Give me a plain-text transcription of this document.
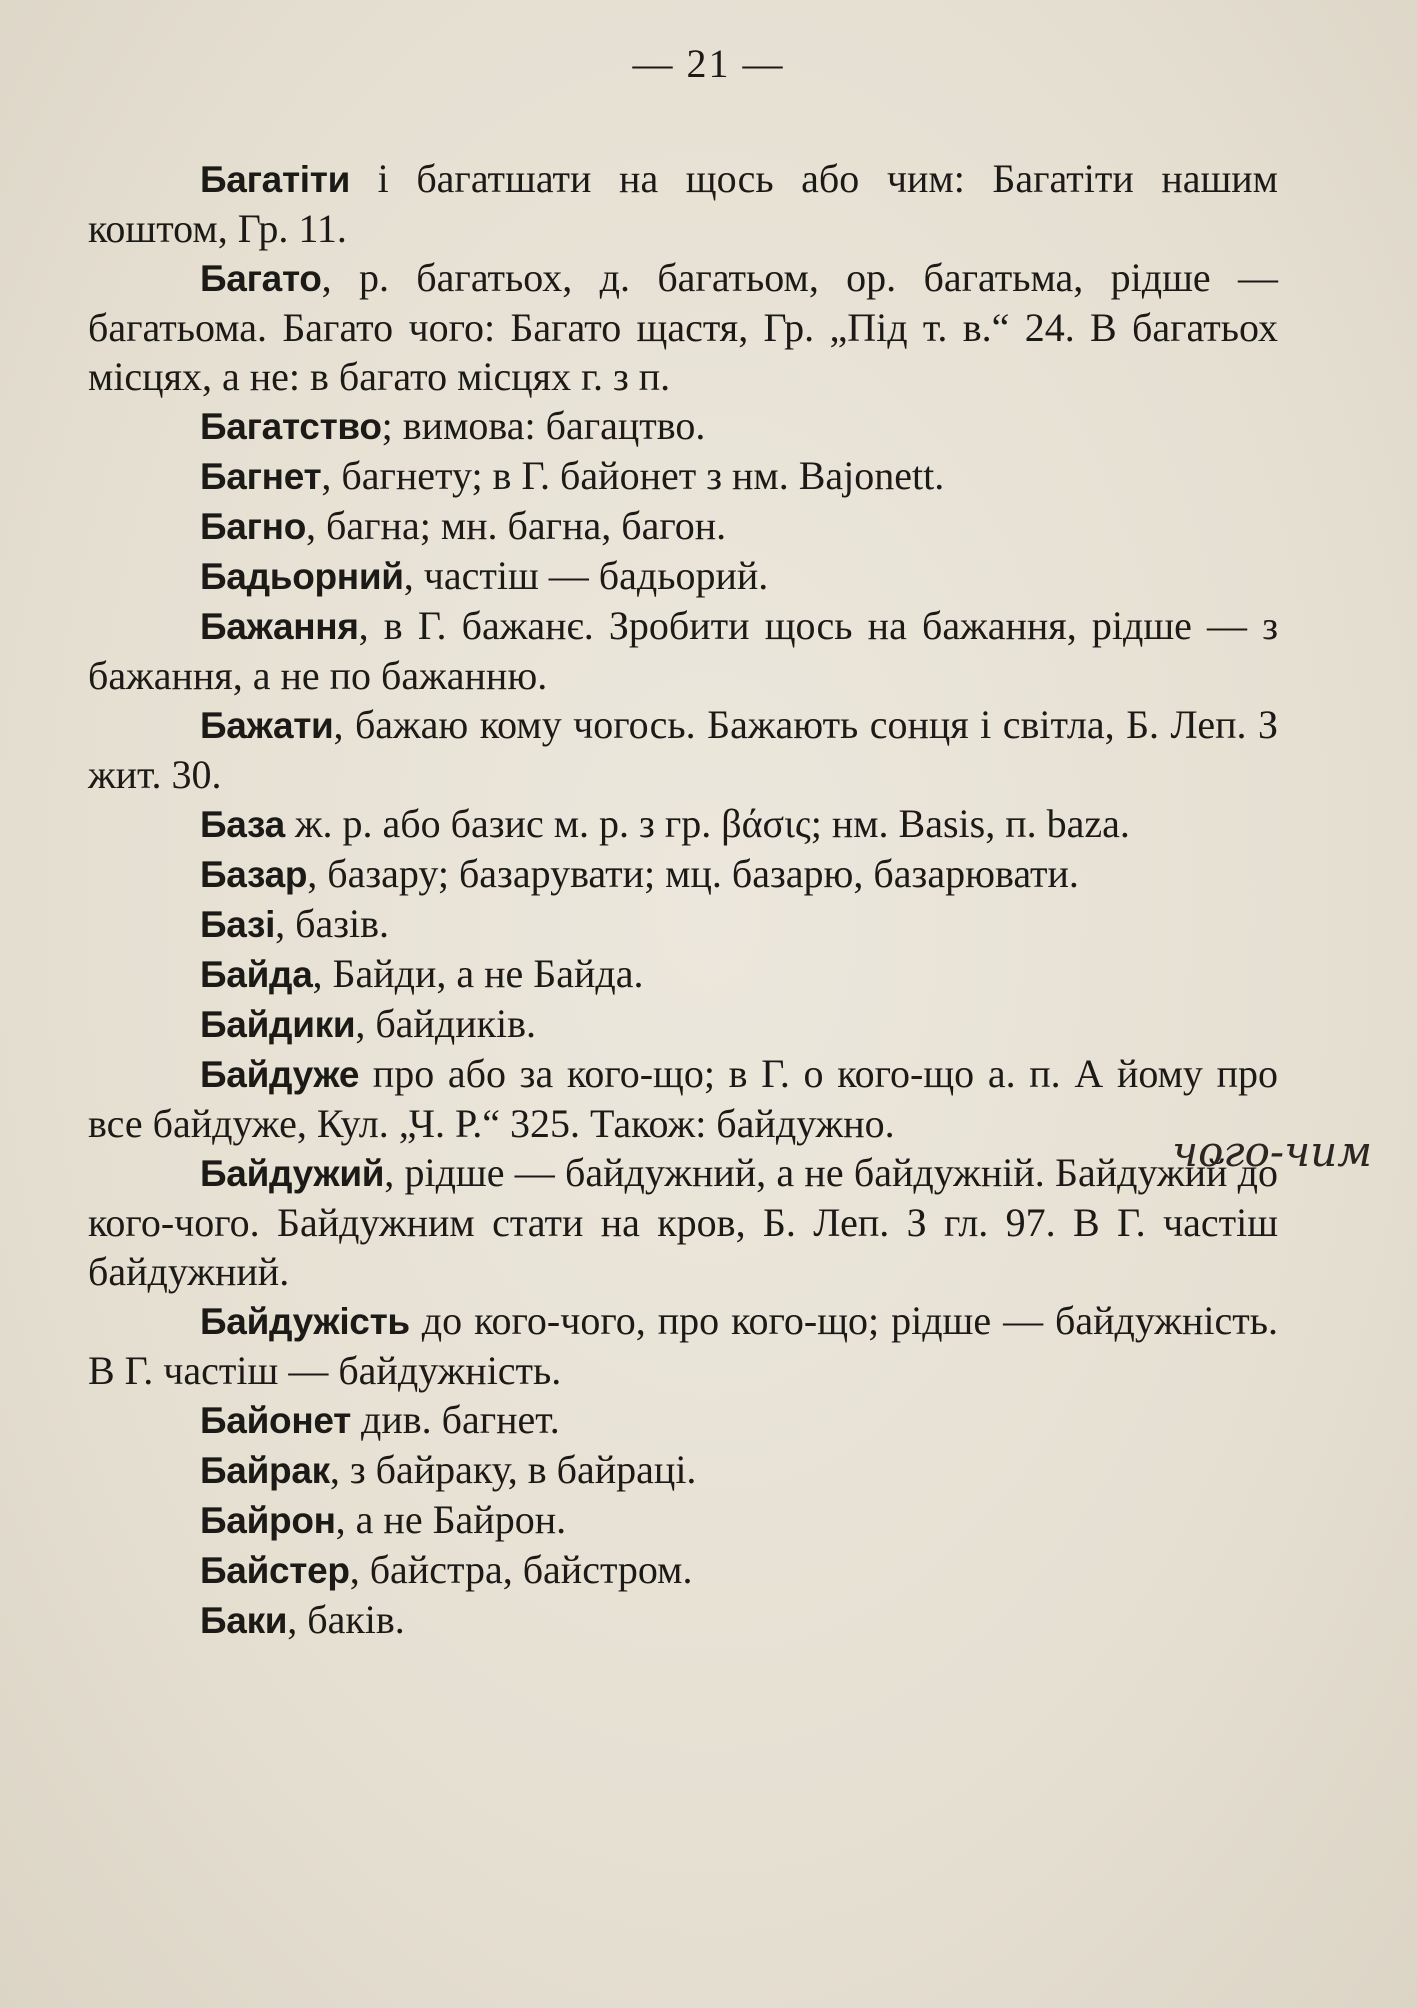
— 21 —

Багатіти і багатшати на щось або чим: Багатіти нашим коштом, Гр. 11.

Багато, р. багатьох, д. багатьом, ор. багатьма, рідше — багатьома. Багато чого: Багато щастя, Гр. „Під т. в.“ 24. В багатьох місцях, а не: в багато місцях г. з п.

Багатство; вимова: багацтво.

Багнет, багнету; в Г. байонет з нм. Bajonett.

Багно, багна; мн. багна, багон.

Бадьорний, частіш — бадьорий.

Бажання, в Г. бажанє. Зробити щось на бажання, рідше — з бажання, а не по бажанню.

Бажати, бажаю кому чогось. Бажають сонця і світла, Б. Леп. З жит. 30.

База ж. р. або базис м. р. з гр. βάσις; нм. Basis, п. baza.

Базар, базару; базарувати; мц. базарю, базарювати.

Базі, базів.

Байда, Байди, а не Байда.

Байдики, байдиків.

Байдуже про або за кого-що; в Г. о кого-що а. п. А йому про все байдуже, Кул. „Ч. Р.“ 325. Також: байдужно.

Байдужий, рідше — байдужний, а не байдужній. Байдужий до кого-чого. Байдужним стати на кров, Б. Леп. З гл. 97. В Г. частіш байдужний.

Байдужість до кого-чого, про кого-що; рідше — байдужність. В Г. частіш — байдужність.

Байонет див. багнет.

Байрак, з байраку, в байраці.

Байрон, а не Байрон.

Байстер, байстра, байстром.

Баки, баків.

чого-чим
